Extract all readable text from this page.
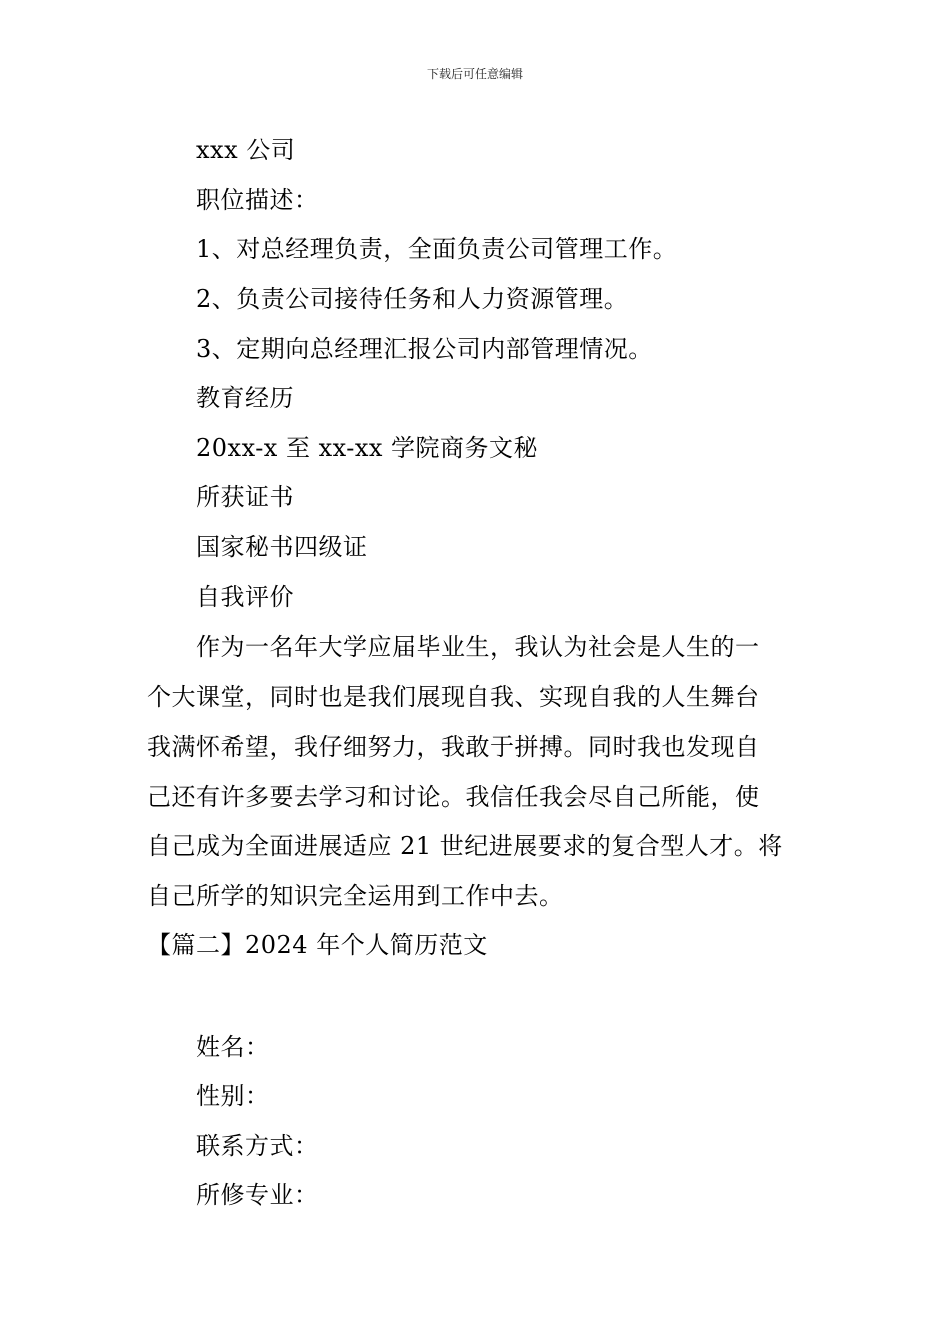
下载后可任意编辑
xxx 公司
职位描述：
1、对总经理负责，全面负责公司管理工作。
2、负责公司接待任务和人力资源管理。
3、定期向总经理汇报公司内部管理情况。
教育经历
20xx-x 至 xx-xx 学院商务文秘
所获证书
国家秘书四级证
自我评价
作为一名年大学应届毕业生，我认为社会是人生的一
个大课堂，同时也是我们展现自我、实现自我的人生舞台
我满怀希望，我仔细努力，我敢于拼搏。同时我也发现自
己还有许多要去学习和讨论。我信任我会尽自己所能，使
自己成为全面进展适应 21 世纪进展要求的复合型人才。将
自己所学的知识完全运用到工作中去。
【篇二】2024 年个人简历范文
姓名：
性别：
联系方式：
所修专业：
